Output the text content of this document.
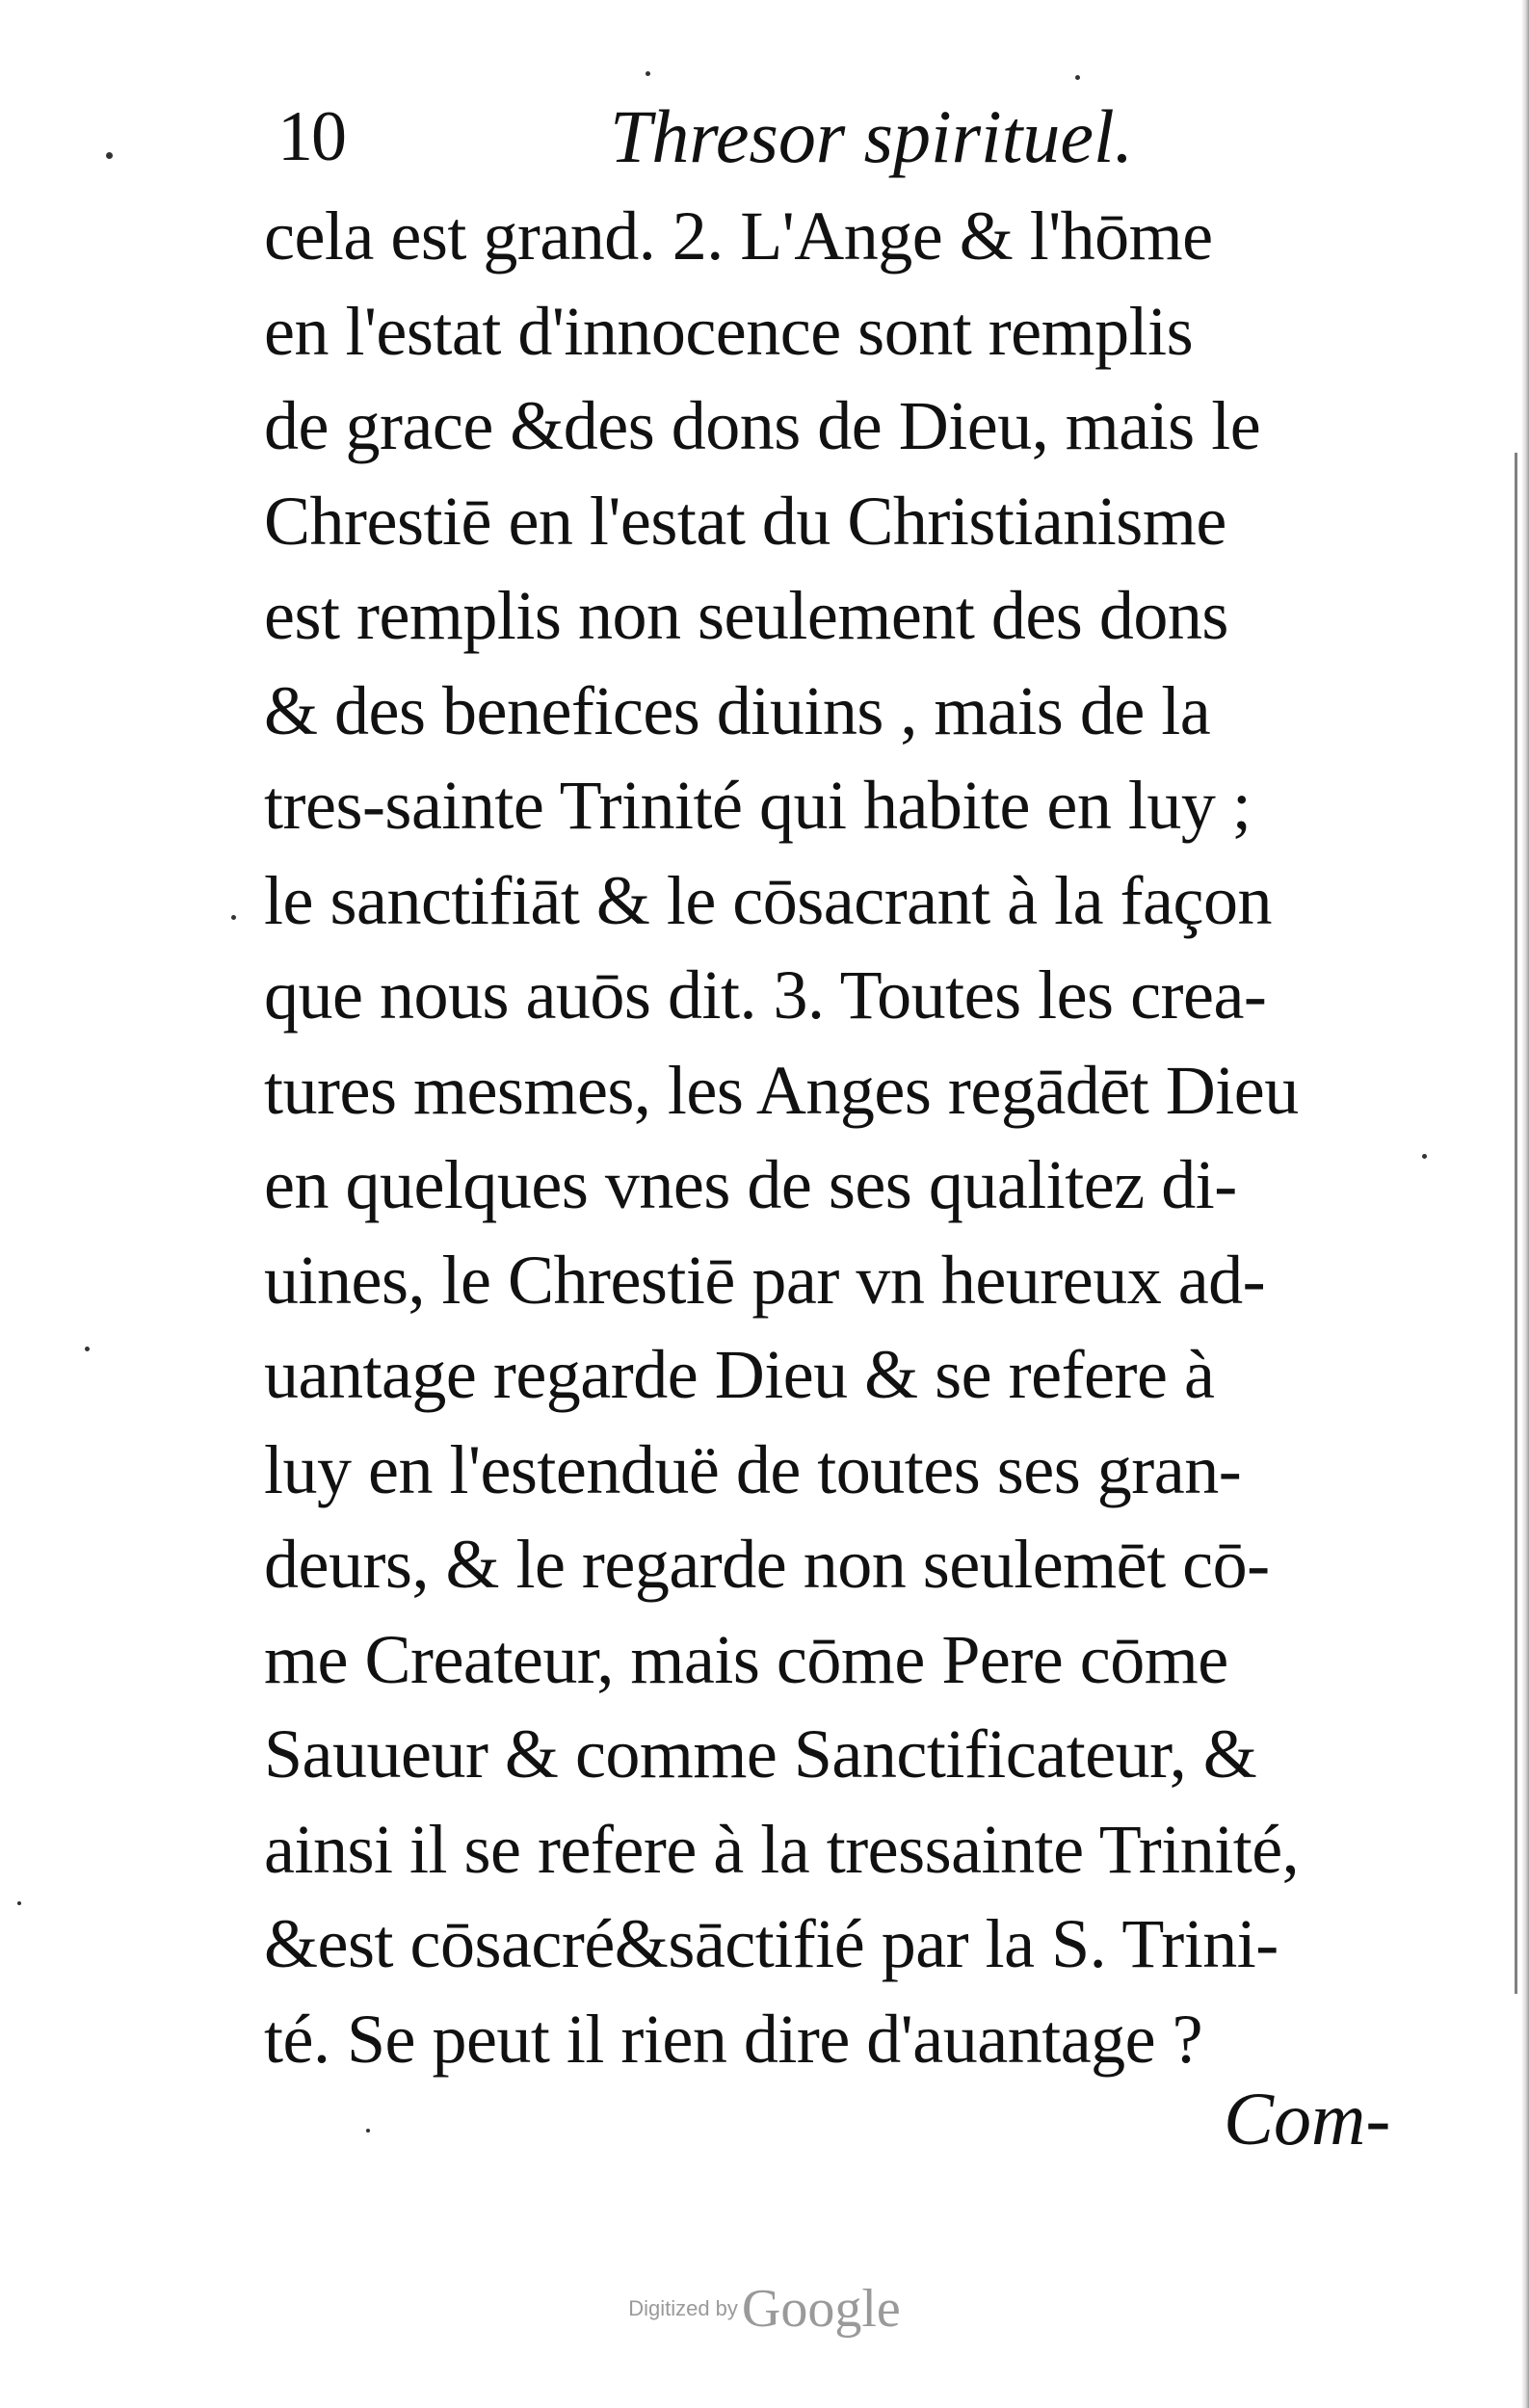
10	Thresor spirituel.
cela est grand. 2. L'Ange & l'hōme
en l'estat d'innocence sont remplis
de grace &des dons de Dieu, mais le
Chrestiē en l'estat du Christianisme
est remplis non seulement des dons
& des benefices diuins , mais de la
tres-sainte Trinité qui habite en luy ;
le sanctifiāt & le cōsacrant à la façon
que nous auōs dit. 3. Toutes les crea-
tures mesmes, les Anges regādēt Dieu
en quelques vnes de ses qualitez di-
uines, le Chrestiē par vn heureux ad-
uantage regarde Dieu & se refere à
luy en l'estenduë de toutes ses gran-
deurs, & le regarde non seulemēt cō-
me Createur, mais cōme Pere cōme
Sauueur & comme Sanctificateur, &
ainsi il se refere à la tressainte Trinité,
&est cōsacré&sāctifié par la S. Trini-
té. Se peut il rien dire d'auantage ?
Com-
Digitized by Google
